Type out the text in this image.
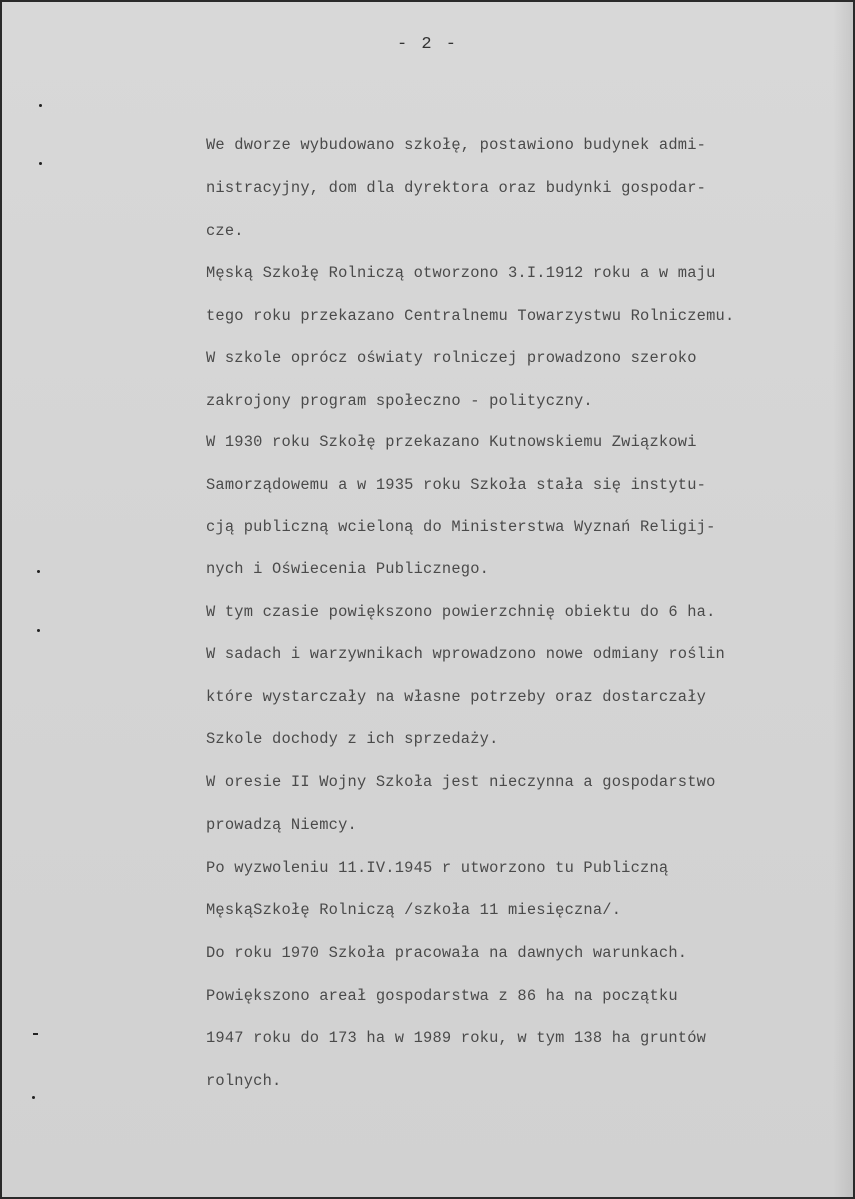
- 2 -
We dworze wybudowano szkołę, postawiono budynek admi-
nistracyjny, dom dla dyrektora oraz budynki gospodar-
cze.
Męską Szkołę Rolniczą otworzono 3.I.1912 roku a w maju
tego roku przekazano Centralnemu Towarzystwu Rolniczemu.
W szkole oprócz oświaty rolniczej prowadzono szeroko
zakrojony program społeczno - polityczny.
W 1930 roku Szkołę przekazano Kutnowskiemu Związkowi
Samorządowemu a w 1935 roku Szkoła stała się instytu-
cją publiczną wcieloną do Ministerstwa Wyznań Religij-
nych i Oświecenia Publicznego.
W tym czasie powiększono powierzchnię obiektu do 6 ha.
W sadach i warzywnikach wprowadzono nowe odmiany roślin
które wystarczały na własne potrzeby oraz dostarczały
Szkole dochody z ich sprzedaży.
W oresie II Wojny Szkoła jest nieczynna a gospodarstwo
prowadzą Niemcy.
Po wyzwoleniu 11.IV.1945 r utworzono tu Publiczną
MęskąSzkołę Rolniczą /szkoła 11 miesięczna/.
Do roku 1970 Szkoła pracowała na dawnych warunkach.
Powiększono areał gospodarstwa z 86 ha na początku
1947 roku do 173 ha w 1989 roku, w tym 138 ha gruntów
rolnych.
